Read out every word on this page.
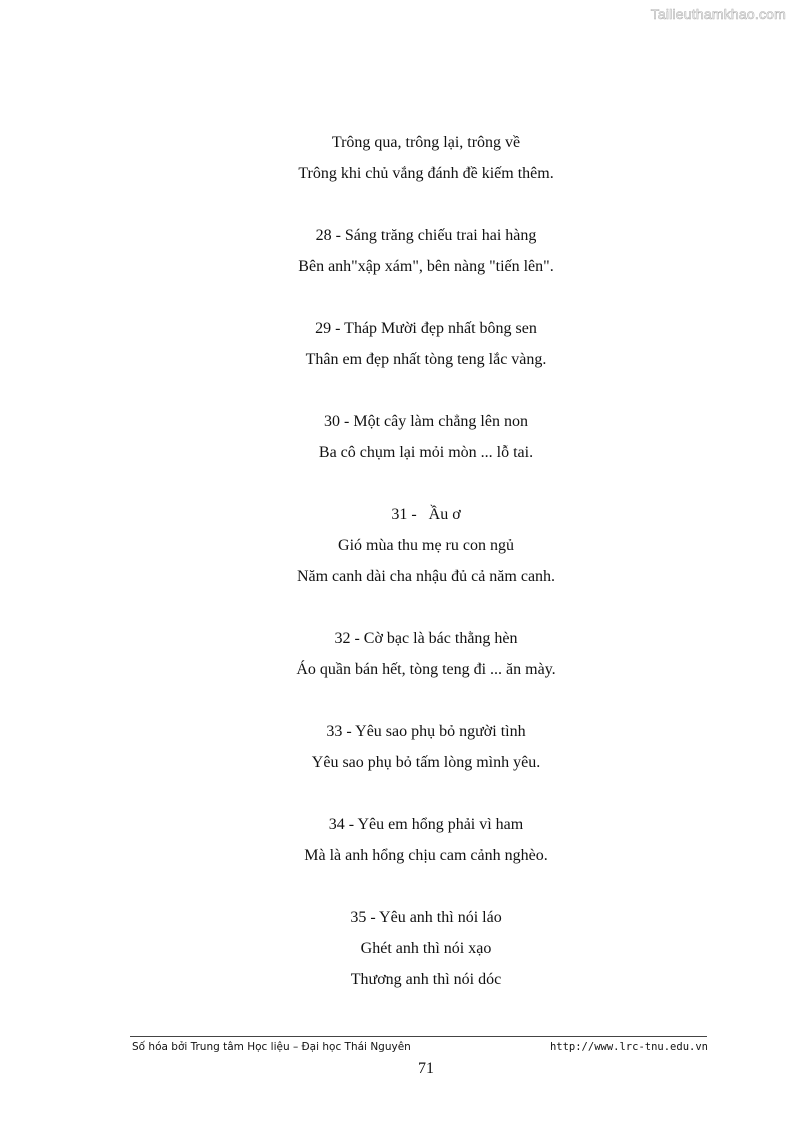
Tailieuthamkhao.com
Trông qua, trông lại, trông về
Trông khi chủ vắng đánh đề kiếm thêm.
28 - Sáng trăng chiếu trai hai hàng
Bên anh"xập xám", bên nàng "tiến lên".
29 - Tháp Mười đẹp nhất bông sen
Thân em đẹp nhất tòng teng lắc vàng.
30 - Một cây làm chẳng lên non
Ba cô chụm lại mỏi mòn ... lỗ tai.
31 -   Ầu ơ
Gió mùa thu mẹ ru con ngủ
Năm canh dài cha nhậu đủ cả năm canh.
32 - Cờ bạc là bác thằng hèn
Áo quần bán hết, tòng teng đi ... ăn mày.
33 - Yêu sao phụ bỏ người tình
Yêu sao phụ bỏ tấm lòng mình yêu.
34 - Yêu em hổng phải vì ham
Mà là anh hổng chịu cam cảnh nghèo.
35 - Yêu anh thì nói láo
Ghét anh thì nói xạo
Thương anh thì nói dóc
Số hóa bởi Trung tâm Học liệu – Đại học Thái Nguyên	http://www.lrc-tnu.edu.vn
71
